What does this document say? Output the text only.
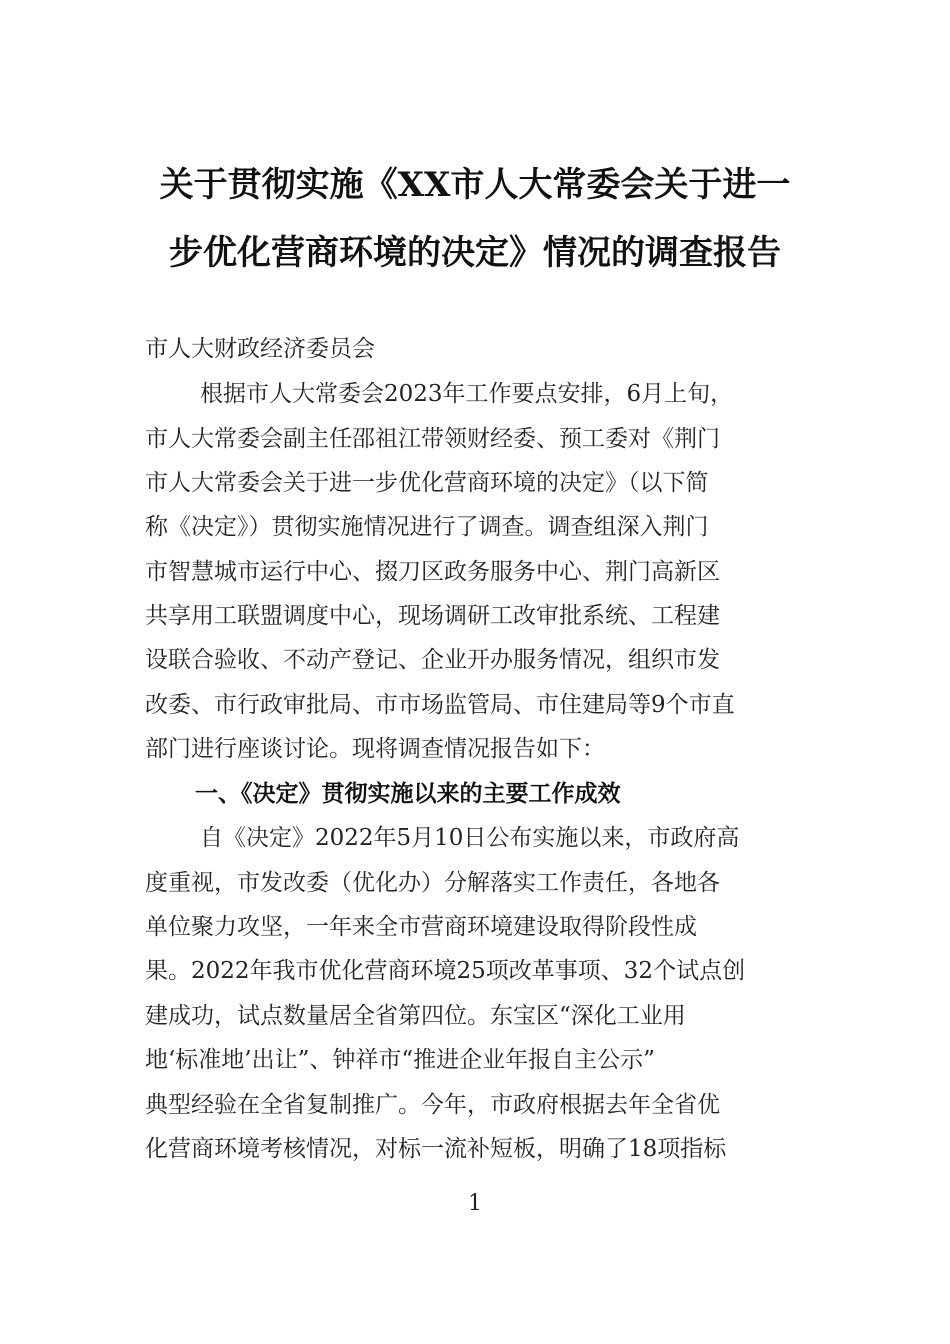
关于贯彻实施《XX市人大常委会关于进一
步优化营商环境的决定》情况的调查报告
市人大财政经济委员会
根据市人大常委会2023年工作要点安排，6月上旬，
市人大常委会副主任邵祖江带领财经委、预工委对《荆门
市人大常委会关于进一步优化营商环境的决定》（以下简
称《决定》）贯彻实施情况进行了调查。调查组深入荆门
市智慧城市运行中心、掇刀区政务服务中心、荆门高新区
共享用工联盟调度中心，现场调研工改审批系统、工程建
设联合验收、不动产登记、企业开办服务情况，组织市发
改委、市行政审批局、市市场监管局、市住建局等9个市直
部门进行座谈讨论。现将调查情况报告如下：
一、《决定》贯彻实施以来的主要工作成效
自《决定》2022年5月10日公布实施以来，市政府高
度重视，市发改委（优化办）分解落实工作责任，各地各
单位聚力攻坚，一年来全市营商环境建设取得阶段性成
果。2022年我市优化营商环境25项改革事项、32个试点创
建成功，试点数量居全省第四位。东宝区“深化工业用
地‘标准地’出让”、钟祥市“推进企业年报自主公示”
典型经验在全省复制推广。今年，市政府根据去年全省优
化营商环境考核情况，对标一流补短板，明确了18项指标
1
